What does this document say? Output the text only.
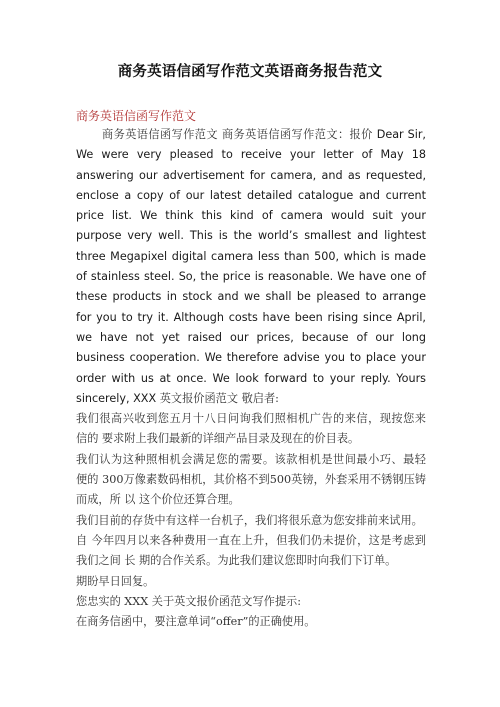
商务英语信函写作范文英语商务报告范文
商务英语信函写作范文

商务英语信函写作范文 商务英语信函写作范文：报价 Dear Sir, We were very pleased to receive your letter of May 18 answering our advertisement for camera, and as requested, enclose a copy of our latest detailed catalogue and current price list. We think this kind of camera would suit your purpose very well. This is the world’s smallest and lightest three Megapixel digital camera less than 500, which is made of stainless steel. So, the price is reasonable. We have one of these products in stock and we shall be pleased to arrange for you to try it. Although costs have been rising since April, we have not yet raised our prices, because of our long business cooperation. We therefore advise you to place your order with us at once. We look forward to your reply. Yours sincerely, XXX 英文报价函范文 敬启者:

我们很高兴收到您五月十八日问询我们照相机广告的来信，现按您来 信的 要求附上我们最新的详细产品目录及现在的价目表。

我们认为这种照相机会满足您的需要。该款相机是世间最小巧、最轻 便的 300万像素数码相机，其价格不到500英镑，外套采用不锈钢压铸而成，所 以 这个价位还算合理。

我们目前的存货中有这样一台机子，我们将很乐意为您安排前来试用。

自 今年四月以来各种费用一直在上升，但我们仍未提价，这是考虑到我们之间 长 期的合作关系。为此我们建议您即时向我们下订单。

期盼早日回复。

您忠实的 XXX 关于英文报价函范文写作提示:

在商务信函中，要注意单词“offer”的正确使用。
